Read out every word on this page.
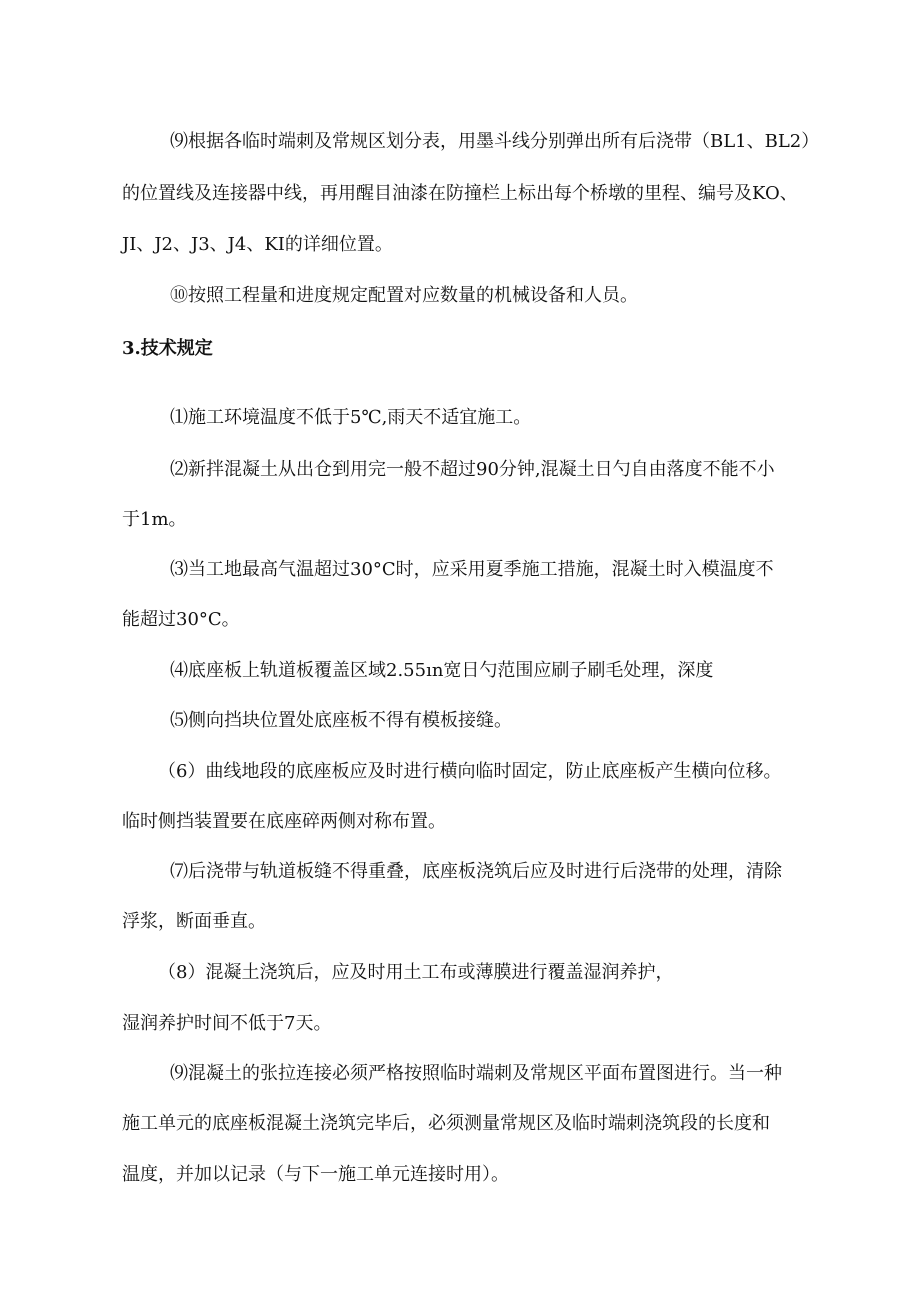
⑼根据各临时端刺及常规区划分表，用墨斗线分别弹出所有后浇带（BL1、BL2）

的位置线及连接器中线，再用醒目油漆在防撞栏上标出每个桥墩的里程、编号及KO、

JI、J2、J3、J4、KI的详细位置。

⑩按照工程量和进度规定配置对应数量的机械设备和人员。

3.技术规定

⑴施工环境温度不低于5℃,雨天不适宜施工。

⑵新拌混凝土从出仓到用完一般不超过90分钟,混凝土日勺自由落度不能不小

于1m。

⑶当工地最高气温超过30°C时，应采用夏季施工措施，混凝土时入模温度不

能超过30°C。

⑷底座板上轨道板覆盖区域2.55ın宽日勺范围应刷子刷毛处理，深度

⑸侧向挡块位置处底座板不得有模板接缝。

（6）曲线地段的底座板应及时进行横向临时固定，防止底座板产生横向位移。

临时侧挡装置要在底座碎两侧对称布置。

⑺后浇带与轨道板缝不得重叠，底座板浇筑后应及时进行后浇带的处理，清除

浮浆，断面垂直。

（8）混凝土浇筑后，应及时用土工布或薄膜进行覆盖湿润养护，

湿润养护时间不低于7天。

⑼混凝土的张拉连接必须严格按照临时端刺及常规区平面布置图进行。当一种

施工单元的底座板混凝土浇筑完毕后，必须测量常规区及临时端刺浇筑段的长度和

温度，并加以记录（与下一施工单元连接时用）。
